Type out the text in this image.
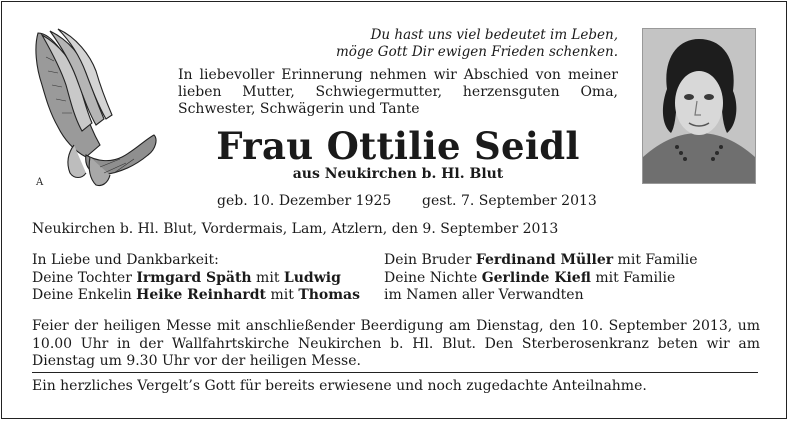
A
Du hast uns viel bedeutet im Leben,
möge Gott Dir ewigen Frieden schenken.
In liebevoller Erinnerung nehmen wir Abschied von meiner lieben Mutter, Schwiegermutter, herzensguten Oma, Schwester, Schwägerin und Tante
Frau Ottilie Seidl
aus Neukirchen b. Hl. Blut
geb. 10. Dezember 1925 gest. 7. September 2013
Neukirchen b. Hl. Blut, Vordermais, Lam, Atzlern, den 9. September 2013
In Liebe und Dankbarkeit:
Deine Tochter Irmgard Späth mit Ludwig
Deine Enkelin Heike Reinhardt mit Thomas
Dein Bruder Ferdinand Müller mit Familie
Deine Nichte Gerlinde Kiefl mit Familie
im Namen aller Verwandten
Feier der heiligen Messe mit anschließender Beerdigung am Dienstag, den 10. September 2013, um 10.00 Uhr in der Wallfahrtskirche Neukirchen b. Hl. Blut. Den Sterberosenkranz beten wir am Dienstag um 9.30 Uhr vor der heiligen Messe.
Ein herzliches Vergelt’s Gott für bereits erwiesene und noch zugedachte Anteilnahme.
